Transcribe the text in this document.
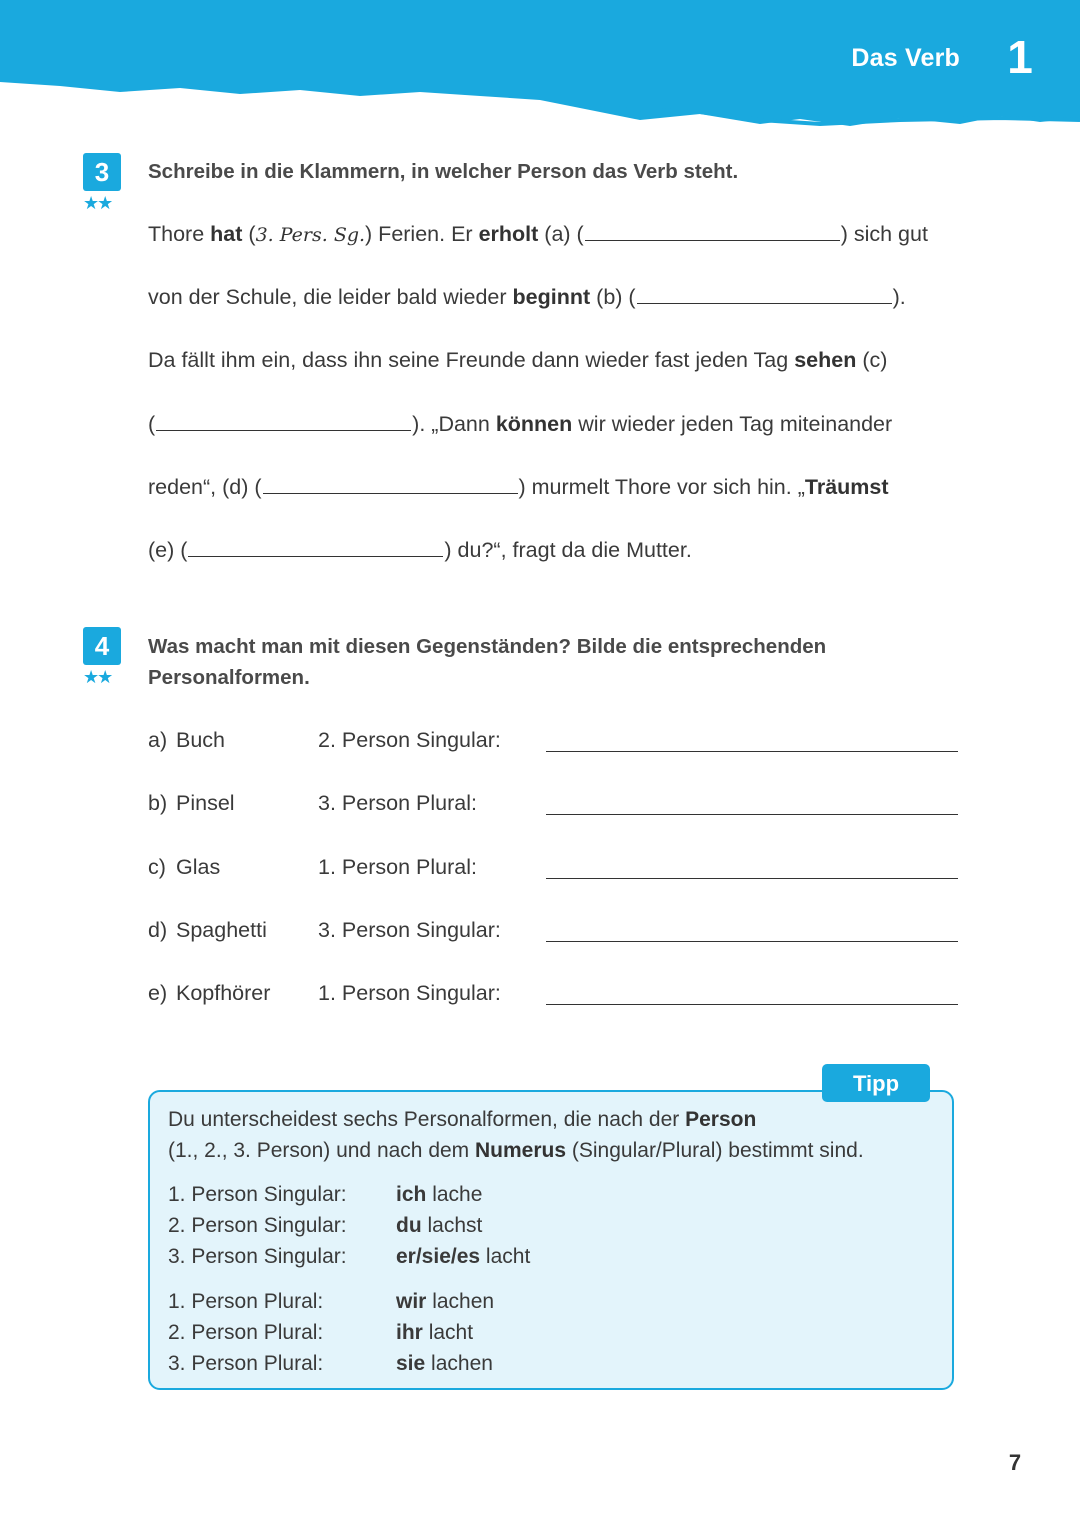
Das Verb 1
3
★★
Schreibe in die Klammern, in welcher Person das Verb steht.
Thore hat (3. Pers. Sg.) Ferien. Er erholt (a) (	) sich gut
von der Schule, die leider bald wieder beginnt (b) (	).
Da fällt ihm ein, dass ihn seine Freunde dann wieder fast jeden Tag sehen (c)
(	). „Dann können wir wieder jeden Tag miteinander
reden“, (d) (	) murmelt Thore vor sich hin. „Träumst
(e) (	) du?“, fragt da die Mutter.
4
★★
Was macht man mit diesen Gegenständen? Bilde die entsprechenden
Personalformen.
a) Buch	2. Person Singular:
b) Pinsel	3. Person Plural:
c) Glas	1. Person Plural:
d) Spaghetti 3. Person Singular:
e) Kopfhörer 1. Person Singular:
Tipp
Du unterscheidest sechs Personalformen, die nach der Person
(1., 2., 3. Person) und nach dem Numerus (Singular/Plural) bestimmt sind.
1. Person Singular: ich lache
2. Person Singular: du lachst
3. Person Singular: er/sie/es lacht
1. Person Plural:	wir lachen
2. Person Plural:	ihr lacht
3. Person Plural:	sie lachen
7
